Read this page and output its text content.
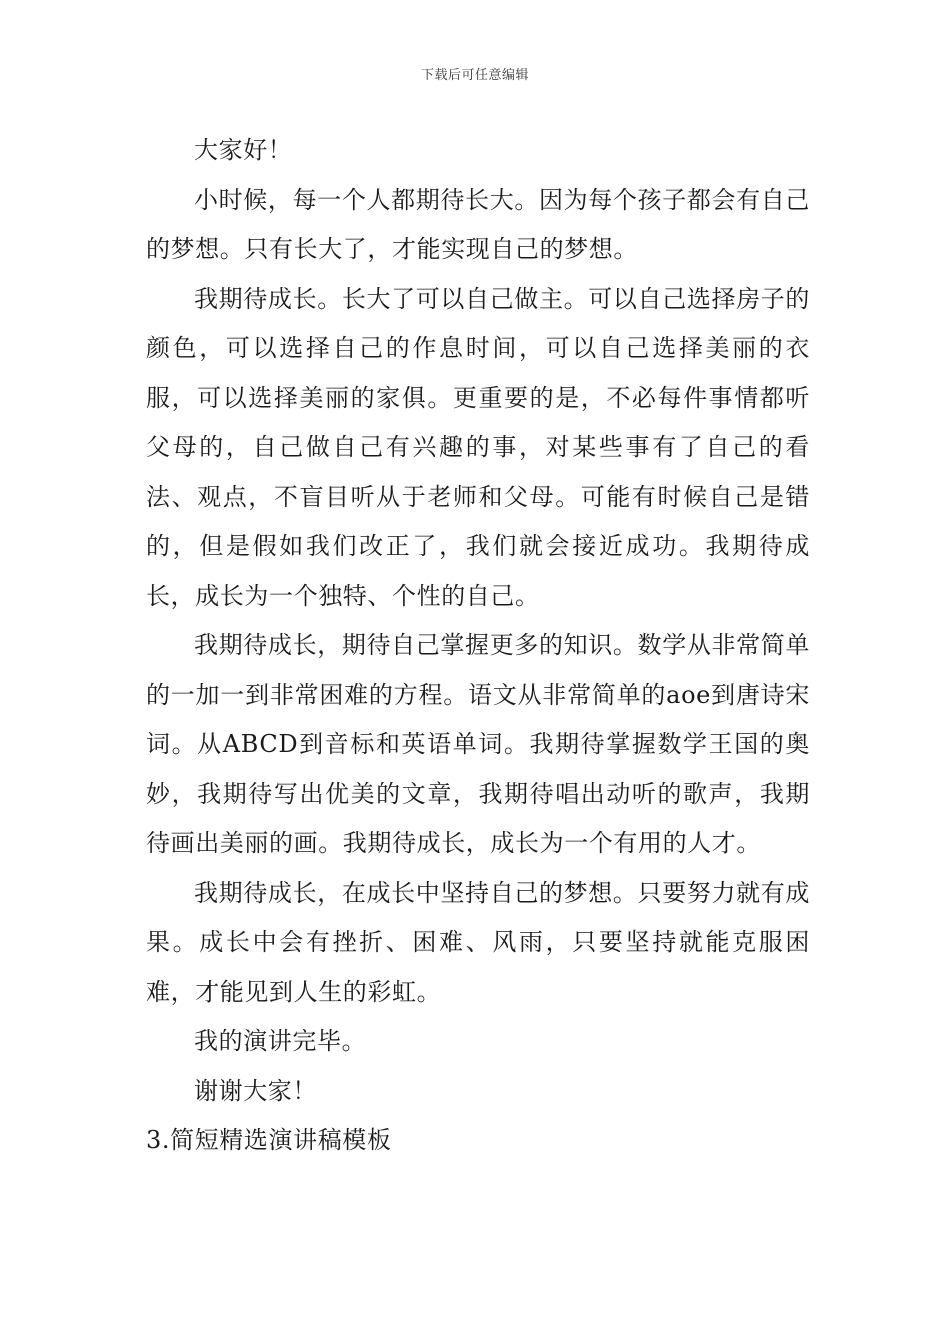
下载后可任意编辑

大家好！

小时候，每一个人都期待长大。因为每个孩子都会有自己的梦想。只有长大了，才能实现自己的梦想。

我期待成长。长大了可以自己做主。可以自己选择房子的颜色，可以选择自己的作息时间，可以自己选择美丽的衣服，可以选择美丽的家俱。更重要的是，不必每件事情都听父母的，自己做自己有兴趣的事，对某些事有了自己的看法、观点，不盲目听从于老师和父母。可能有时候自己是错的，但是假如我们改正了，我们就会接近成功。我期待成长，成长为一个独特、个性的自己。

我期待成长，期待自己掌握更多的知识。数学从非常简单的一加一到非常困难的方程。语文从非常简单的aoe到唐诗宋词。从ABCD到音标和英语单词。我期待掌握数学王国的奥妙，我期待写出优美的文章，我期待唱出动听的歌声，我期待画出美丽的画。我期待成长，成长为一个有用的人才。

我期待成长，在成长中坚持自己的梦想。只要努力就有成果。成长中会有挫折、困难、风雨，只要坚持就能克服困难，才能见到人生的彩虹。

我的演讲完毕。

谢谢大家！

3.简短精选演讲稿模板
